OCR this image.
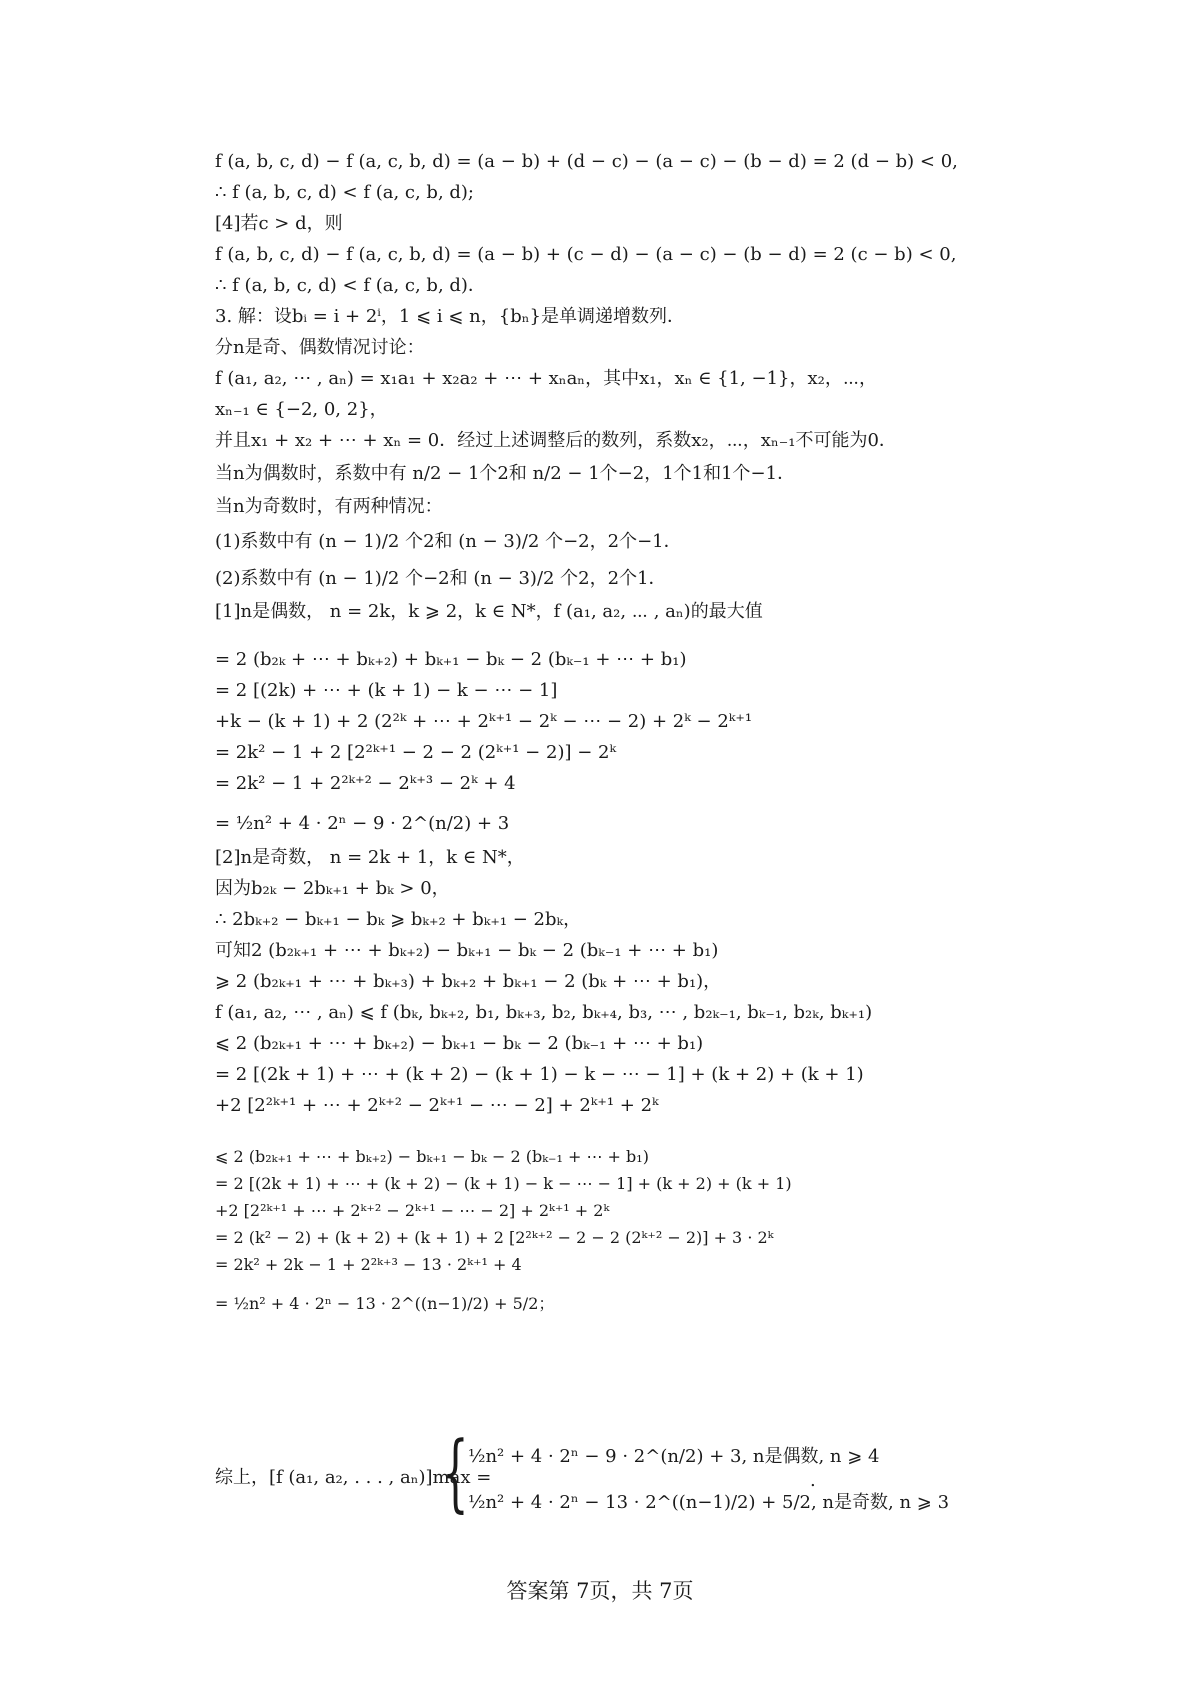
f (a, b, c, d) − f (a, c, b, d) = (a − b) + (d − c) − (a − c) − (b − d) = 2 (d − b) < 0,
∴ f (a, b, c, d) < f (a, c, b, d);
[4]若c > d，则
f (a, b, c, d) − f (a, c, b, d) = (a − b) + (c − d) − (a − c) − (b − d) = 2 (c − b) < 0,
∴ f (a, b, c, d) < f (a, c, b, d)．
3. 解：设bᵢ = i + 2ⁱ，1 ⩽ i ⩽ n，{bₙ}是单调递增数列．
分n是奇、偶数情况讨论：
f (a₁, a₂, ⋯ , aₙ) = x₁a₁ + x₂a₂ + ⋯ + xₙaₙ，其中x₁，xₙ ∈ {1, −1}，x₂，⋯，
xₙ₋₁ ∈ {−2, 0, 2}，
并且x₁ + x₂ + ⋯ + xₙ = 0．经过上述调整后的数列，系数x₂，⋯，xₙ₋₁不可能为0．
当n为偶数时，系数中有 n/2 − 1个2和 n/2 − 1个−2，1个1和1个−1．
当n为奇数时，有两种情况：
(1)系数中有 (n − 1)/2 个2和 (n − 3)/2 个−2，2个−1．
(2)系数中有 (n − 1)/2 个−2和 (n − 3)/2 个2，2个1．
[1]n是偶数， n = 2k，k ⩾ 2，k ∈ N*，f (a₁, a₂, ⋯ , aₙ)的最大值
= 2 (b₂ₖ + ⋯ + bₖ₊₂) + bₖ₊₁ − bₖ − 2 (bₖ₋₁ + ⋯ + b₁)
= 2 [(2k) + ⋯ + (k + 1) − k − ⋯ − 1]
+k − (k + 1) + 2 (2²ᵏ + ⋯ + 2ᵏ⁺¹ − 2ᵏ − ⋯ − 2) + 2ᵏ − 2ᵏ⁺¹
= 2k² − 1 + 2 [2²ᵏ⁺¹ − 2 − 2 (2ᵏ⁺¹ − 2)] − 2ᵏ
= 2k² − 1 + 2²ᵏ⁺² − 2ᵏ⁺³ − 2ᵏ + 4
= ½n² + 4 · 2ⁿ − 9 · 2^(n/2) + 3
[2]n是奇数， n = 2k + 1，k ∈ N*，
因为b₂ₖ − 2bₖ₊₁ + bₖ > 0，
∴ 2bₖ₊₂ − bₖ₊₁ − bₖ ⩾ bₖ₊₂ + bₖ₊₁ − 2bₖ，
可知2 (b₂ₖ₊₁ + ⋯ + bₖ₊₂) − bₖ₊₁ − bₖ − 2 (bₖ₋₁ + ⋯ + b₁)
⩾ 2 (b₂ₖ₊₁ + ⋯ + bₖ₊₃) + bₖ₊₂ + bₖ₊₁ − 2 (bₖ + ⋯ + b₁)，
f (a₁, a₂, ⋯ , aₙ) ⩽ f (bₖ, bₖ₊₂, b₁, bₖ₊₃, b₂, bₖ₊₄, b₃, ⋯ , b₂ₖ₋₁, bₖ₋₁, b₂ₖ, bₖ₊₁)
⩽ 2 (b₂ₖ₊₁ + ⋯ + bₖ₊₂) − bₖ₊₁ − bₖ − 2 (bₖ₋₁ + ⋯ + b₁)
= 2 [(2k + 1) + ⋯ + (k + 2) − (k + 1) − k − ⋯ − 1] + (k + 2) + (k + 1)
+2 [2²ᵏ⁺¹ + ⋯ + 2ᵏ⁺² − 2ᵏ⁺¹ − ⋯ − 2] + 2ᵏ⁺¹ + 2ᵏ
⩽ 2 (b₂ₖ₊₁ + ⋯ + bₖ₊₂) − bₖ₊₁ − bₖ − 2 (bₖ₋₁ + ⋯ + b₁)
= 2 [(2k + 1) + ⋯ + (k + 2) − (k + 1) − k − ⋯ − 1] + (k + 2) + (k + 1)
+2 [2²ᵏ⁺¹ + ⋯ + 2ᵏ⁺² − 2ᵏ⁺¹ − ⋯ − 2] + 2ᵏ⁺¹ + 2ᵏ
= 2 (k² − 2) + (k + 2) + (k + 1) + 2 [2²ᵏ⁺² − 2 − 2 (2ᵏ⁺² − 2)] + 3 · 2ᵏ
= 2k² + 2k − 1 + 2²ᵏ⁺³ − 13 · 2ᵏ⁺¹ + 4
= ½n² + 4 · 2ⁿ − 13 · 2^((n−1)/2) + 5/2；
综上，[f (a₁, a₂, . . . , aₙ)]max =
{ ½n² + 4 · 2ⁿ − 9 · 2^(n/2) + 3, n是偶数, n ⩾ 4
½n² + 4 · 2ⁿ − 13 · 2^((n−1)/2) + 5/2, n是奇数, n ⩾ 3
.
答案第 7页，共 7页
